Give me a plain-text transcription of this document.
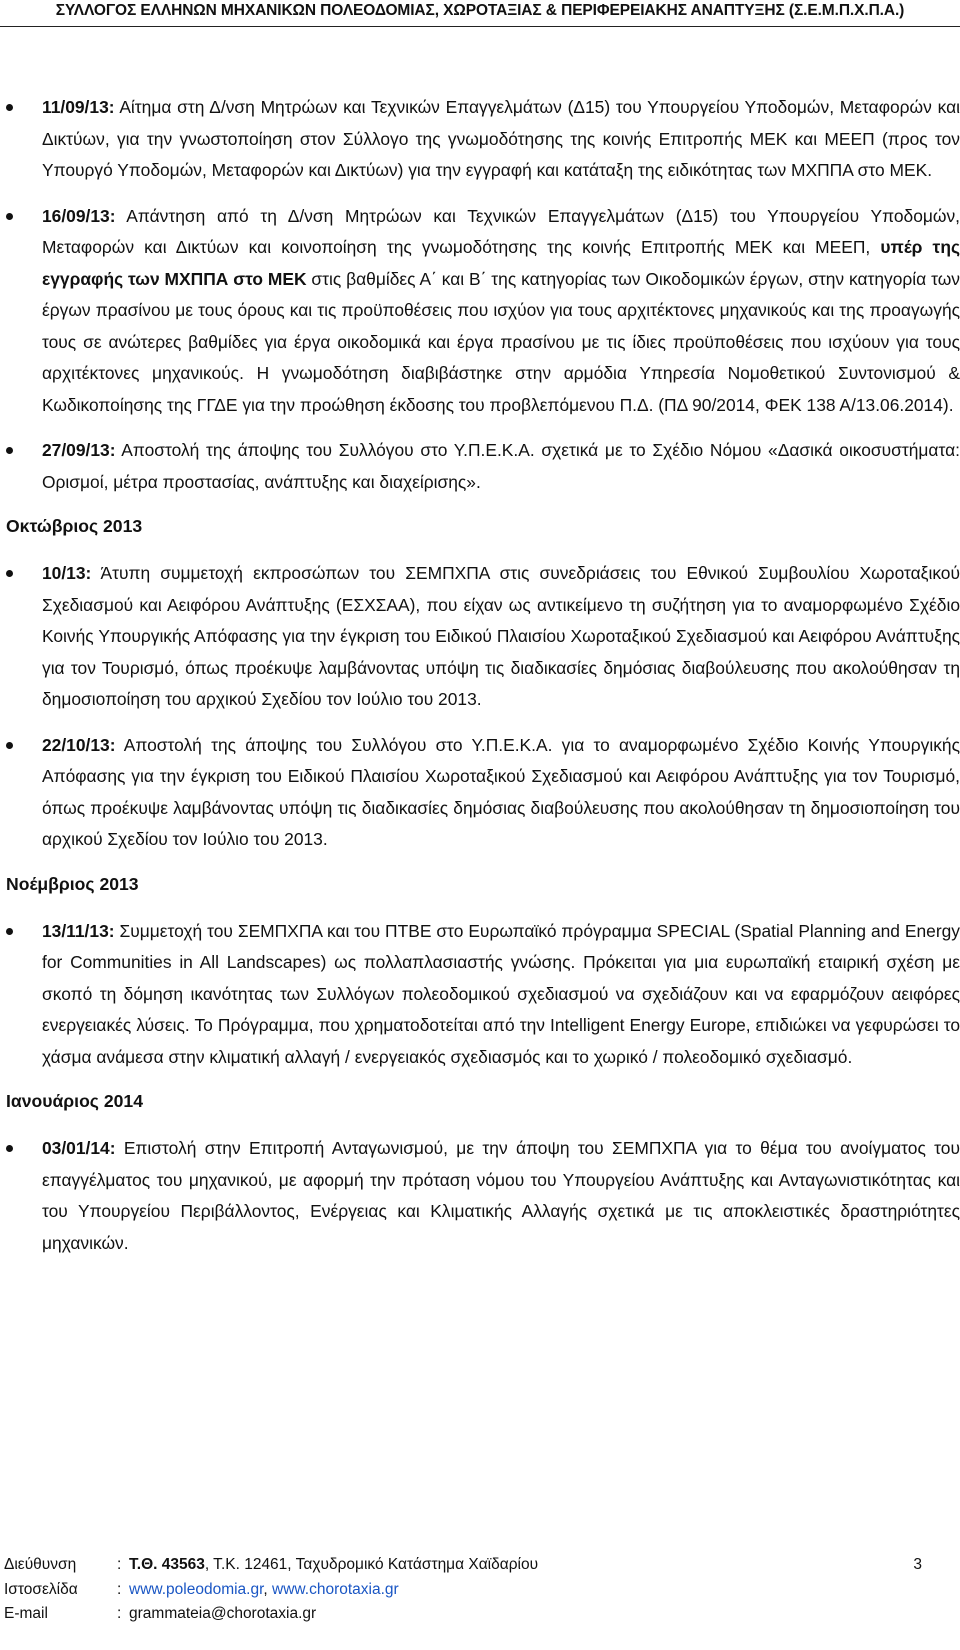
ΣΥΛΛΟΓΟΣ ΕΛΛΗΝΩΝ ΜΗΧΑΝΙΚΩΝ ΠΟΛΕΟΔΟΜΙΑΣ, ΧΩΡΟΤΑΞΙΑΣ & ΠΕΡΙΦΕΡΕΙΑΚΗΣ ΑΝΑΠΤΥΞΗΣ (Σ.Ε.Μ.Π.Χ.Π.Α.)
11/09/13: Αίτημα στη Δ/νση Μητρώων και Τεχνικών Επαγγελμάτων (Δ15) του Υπουργείου Υποδομών, Μεταφορών και Δικτύων, για την γνωστοποίηση στον Σύλλογο της γνωμοδότησης της κοινής Επιτροπής ΜΕΚ και ΜΕΕΠ (προς τον Υπουργό Υποδομών, Μεταφορών και Δικτύων) για την εγγραφή και κατάταξη της ειδικότητας των ΜΧΠΠΑ στο ΜΕΚ.
16/09/13: Απάντηση από τη Δ/νση Μητρώων και Τεχνικών Επαγγελμάτων (Δ15) του Υπουργείου Υποδομών, Μεταφορών και Δικτύων και κοινοποίηση της γνωμοδότησης της κοινής Επιτροπής ΜΕΚ και ΜΕΕΠ, υπέρ της εγγραφής των ΜΧΠΠΑ στο ΜΕΚ στις βαθμίδες Α΄ και Β΄ της κατηγορίας των Οικοδομικών έργων, στην κατηγορία των έργων πρασίνου με τους όρους και τις προϋποθέσεις που ισχύον για τους αρχιτέκτονες μηχανικούς και της προαγωγής τους σε ανώτερες βαθμίδες για έργα οικοδομικά και έργα πρασίνου με τις ίδιες προϋποθέσεις που ισχύουν για τους αρχιτέκτονες μηχανικούς. Η γνωμοδότηση διαβιβάστηκε στην αρμόδια Υπηρεσία Νομοθετικού Συντονισμού & Κωδικοποίησης της ΓΓΔΕ για την προώθηση έκδοσης του προβλεπόμενου Π.Δ. (ΠΔ 90/2014, ΦΕΚ 138 Α/13.06.2014).
27/09/13: Αποστολή της άποψης του Συλλόγου στο Υ.Π.Ε.Κ.Α. σχετικά με το Σχέδιο Νόμου «Δασικά οικοσυστήματα: Ορισμοί, μέτρα προστασίας, ανάπτυξης και διαχείρισης».
Οκτώβριος 2013
10/13: Άτυπη συμμετοχή εκπροσώπων του ΣΕΜΠΧΠΑ στις συνεδριάσεις του Εθνικού Συμβουλίου Χωροταξικού Σχεδιασμού και Αειφόρου Ανάπτυξης (ΕΣΧΣΑΑ), που είχαν ως αντικείμενο τη συζήτηση για το αναμορφωμένο Σχέδιο Κοινής Υπουργικής Απόφασης για την έγκριση του Ειδικού Πλαισίου Χωροταξικού Σχεδιασμού και Αειφόρου Ανάπτυξης για τον Τουρισμό, όπως προέκυψε λαμβάνοντας υπόψη τις διαδικασίες δημόσιας διαβούλευσης που ακολούθησαν τη δημοσιοποίηση του αρχικού Σχεδίου τον Ιούλιο του 2013.
22/10/13: Αποστολή της άποψης του Συλλόγου στο Υ.Π.Ε.Κ.Α. για το αναμορφωμένο Σχέδιο Κοινής Υπουργικής Απόφασης για την έγκριση του Ειδικού Πλαισίου Χωροταξικού Σχεδιασμού και Αειφόρου Ανάπτυξης για τον Τουρισμό, όπως προέκυψε λαμβάνοντας υπόψη τις διαδικασίες δημόσιας διαβούλευσης που ακολούθησαν τη δημοσιοποίηση του αρχικού Σχεδίου τον Ιούλιο του 2013.
Νοέμβριος 2013
13/11/13: Συμμετοχή του ΣΕΜΠΧΠΑ και του ΠΤΒΕ στο Ευρωπαϊκό πρόγραμμα SPECIAL (Spatial Planning and Energy for Communities in All Landscapes) ως πολλαπλασιαστής γνώσης. Πρόκειται για μια ευρωπαϊκή εταιρική σχέση με σκοπό τη δόμηση ικανότητας των Συλλόγων πολεοδομικού σχεδιασμού να σχεδιάζουν και να εφαρμόζουν αειφόρες ενεργειακές λύσεις. Το Πρόγραμμα, που χρηματοδοτείται από την Intelligent Energy Europe, επιδιώκει να γεφυρώσει το χάσμα ανάμεσα στην κλιματική αλλαγή / ενεργειακός σχεδιασμός και το χωρικό / πολεοδομικό σχεδιασμό.
Ιανουάριος 2014
03/01/14: Επιστολή στην Επιτροπή Ανταγωνισμού, με την άποψη του ΣΕΜΠΧΠΑ για το θέμα του ανοίγματος του επαγγέλματος του μηχανικού, με αφορμή την πρόταση νόμου του Υπουργείου Ανάπτυξης και Ανταγωνιστικότητας και του Υπουργείου Περιβάλλοντος, Ενέργειας και Κλιματικής Αλλαγής σχετικά με τις αποκλειστικές δραστηριότητες μηχανικών.
Διεύθυνση	: Τ.Θ. 43563, Τ.Κ. 12461, Ταχυδρομικό Κατάστημα Χαϊδαρίου
Ιστοσελίδα	: www.poleodomia.gr, www.chorotaxia.gr
E-mail	: grammateia@chorotaxia.gr
3
